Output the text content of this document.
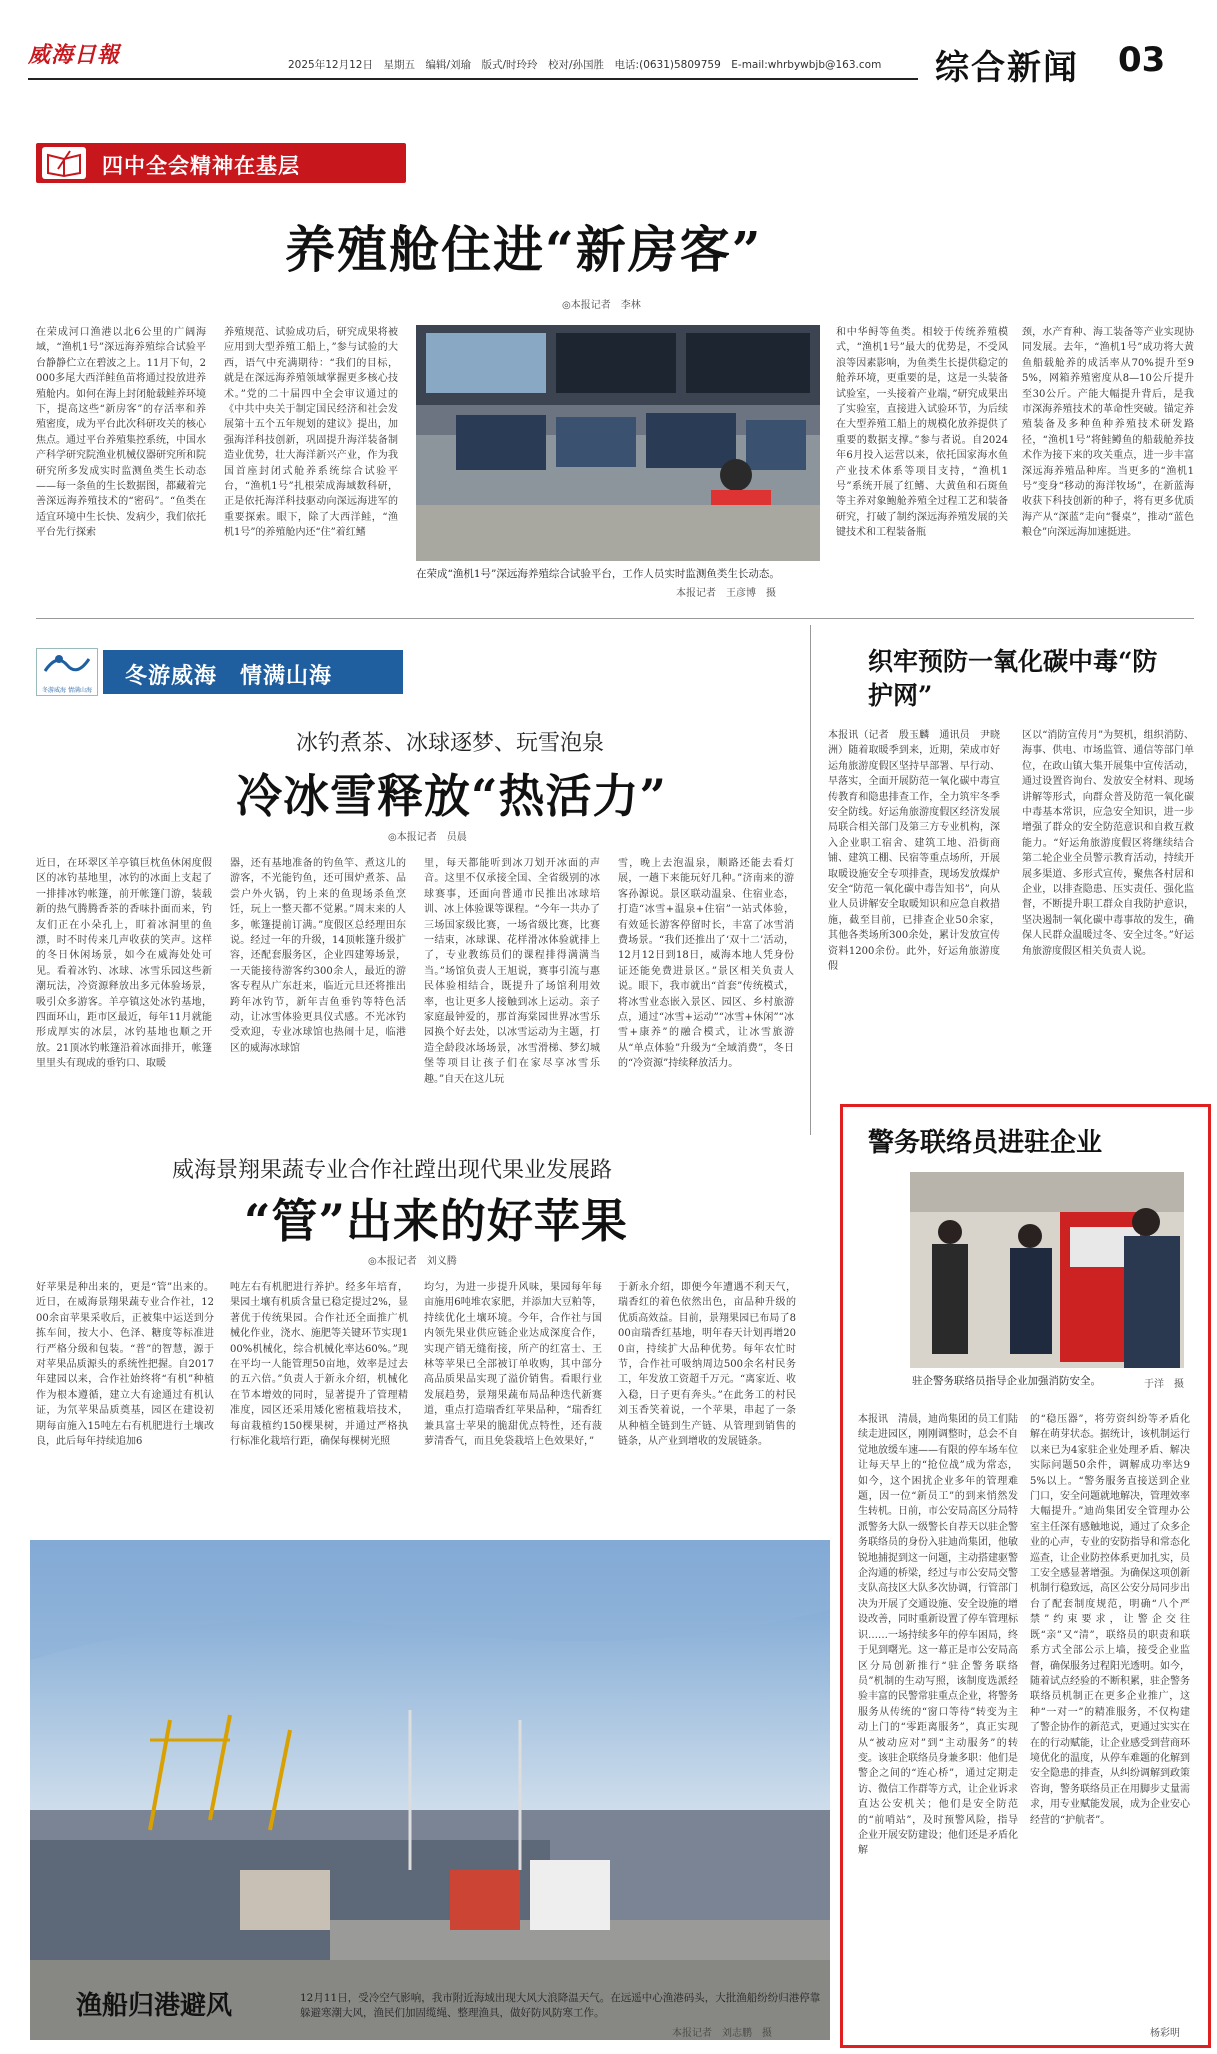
威海日報	2025年12月12日　星期五　编辑/刘瑜　版式/时玲玲　校对/孙国胜　电话:(0631)5809759　E-mail:whrbywbjb@163.com	综合新闻 03
四中全会精神在基层
养殖舱住进“新房客”
◎本报记者　李林
在荣成河口渔港以北6公里的广阔海域，“渔机1号”深远海养殖综合试验平台静静伫立在碧波之上。11月下旬，2000多尾大西洋鲑鱼苗将通过投放进养殖舱内。如何在海上封闭舱载鲑养环境下，提高这些“新房客”的存活率和养殖密度，成为平台此次科研攻关的核心焦点。通过平台养殖集控系统，中国水产科学研究院渔业机械仪器研究所和院研究所多发成实时监测鱼类生长动态——每一条鱼的生长数据图，都藏着完善深远海养殖技术的“密码”。“鱼类在适宜环境中生长快、发病少，我们依托平台先行探索
养殖规范、试验成功后，研究成果将被应用到大型养殖工船上，”参与试验的大西，语气中充满期待：“我们的目标，就是在深远海养殖领域掌握更多核心技术。”党的二十届四中全会审议通过的《中共中央关于制定国民经济和社会发展第十五个五年规划的建议》提出，加强海洋科技创新，巩固提升海洋装备制造业优势，壮大海洋新兴产业，作为我国首座封闭式舱养系统综合试验平台，“渔机1号”扎根荣成海域数科研，正是依托海洋科技驱动向深远海进军的重要探索。眼下，除了大西洋鲑，“渔机1号”的养殖舱内还“住”着红鳍
在荣成“渔机1号”深远海养殖综合试验平台，工作人员实时监测鱼类生长动态。
本报记者　王彦博　摄
和中华鲟等鱼类。相较于传统养殖模式，“渔机1号”最大的优势是，不受风浪等因素影响，为鱼类生长提供稳定的舱养环境，更重要的是，这是一头装备试验室，一头接着产业端，”研究成果出了实验室，直接进入试验环节，为后续在大型养殖工船上的规模化放养提供了重要的数据支撑。”参与者说。自2024年6月投入运营以来，依托国家海水鱼产业技术体系等项目支持，“渔机1号”系统开展了红鳍、大黄鱼和石斑鱼等主养对象鲍舱养殖全过程工艺和装备研究，打破了制约深远海养殖发展的关键技术和工程装备瓶
颈，水产育种、海工装备等产业实现协同发展。去年，“渔机1号”成功将大黄鱼船载舱养的成活率从70%提升至95%，网箱养殖密度从8—10公斤提升至30公斤。产能大幅提升背后，是我市深海养殖技术的革命性突破。锚定养殖装备及多种鱼种养殖技术研发路径，“渔机1号”将鲑鳟鱼的船载舱养技术作为接下来的攻关重点，进一步丰富深远海养殖品种库。当更多的“渔机1号”变身“移动的海洋牧场”，在新蓝海收获下科技创新的种子，将有更多优质海产从“深蓝”走向“餐桌”，推动“蓝色粮仓”向深远海加速挺进。
冬游威海 情满山海
冬游威海　情满山海
冰钓煮茶、冰球逐梦、玩雪泡泉
冷冰雪释放“热活力”
◎本报记者　员晨
近日，在环翠区羊亭镇巨枕鱼休闲度假区的冰钓基地里，冰钓的冰面上支起了一排排冰钓帐篷，前开帐篷门游，装载新的热气腾腾香茶的香味扑面而来，钓友们正在小朵孔上，盯着冰洞里的鱼漂，时不时传来几声收获的笑声。这样的冬日休闲场景，如今在威海处处可见。看着冰钓、冰球、冰雪乐园这些新潮玩法，冷资源释放出多元体验场景，吸引众多游客。羊亭镇这处冰钓基地，四面环山，距市区最近，每年11月就能形成厚实的冰层，冰钓基地也顺之开放。21顶冰钓帐篷沿着冰面排开，帐篷里里头有现成的垂钓口、取暖
器，还有基地准备的钓鱼竿、煮这儿的游客，不光能钓鱼，还可围炉煮茶、品尝户外火锅，钓上来的鱼现场杀鱼烹饪，玩上一整天都不觉累。”周末来的人多，帐篷提前订满。”度假区总经理田东说。经过一年的升级，14顶帐篷升级扩容，还配套服务区，企业四建筹场景，一天能接待游客约300余人，最近的游客专程从广东赶来，临近元旦还将推出跨年冰钓节，新年吉鱼垂钓等特色活动，让冰雪体验更具仪式感。不光冰钓受欢迎，专业冰球馆也热闹十足，临港区的威海冰球馆
里，每天都能听到冰刀划开冰面的声音。这里不仅承接全国、全省级别的冰球赛事，还面向普通市民推出冰球培训、冰上体验课等课程。“今年一共办了三场国家级比赛，一场省级比赛，比赛一结束，冰球课、花样滑冰体验就排上了，专业教练员们的课程排得满满当当。”场馆负责人王旭说，赛事引流与惠民体验相结合，既提升了场馆利用效率，也让更多人接触到冰上运动。亲子家庭最钟爱的，那首海棠园世界冰雪乐园换个好去处，以冰雪运动为主题，打造全龄段冰场场景，冰雪滑梯、梦幻城堡等项目让孩子们在家尽享冰雪乐趣。”自天在这儿玩
雪，晚上去泡温泉，顺路还能去看灯展，一趟下来能玩好几种。”济南来的游客孙源说。景区联动温泉、住宿业态，打造“冰雪+温泉+住宿”一站式体验，有效延长游客停留时长，丰富了冰雪消费场景。“我们还推出了‘双十二’活动，12月12日到18日，威海本地人凭身份证还能免费进景区。”景区相关负责人说。眼下，我市就出“首套”传统模式，将冰雪业态嵌入景区、园区、乡村旅游点，通过“冰雪+运动”“冰雪+休闲”“冰雪+康养”的融合模式，让冰雪旅游从“单点体验”升级为“全域消费”，冬日的“冷资源”持续释放活力。
织牢预防一氧化碳中毒“防护网”
本报讯（记者　殷玉麟　通讯员　尹晓洲）随着取暖季到来，近期，荣成市好运角旅游度假区坚持早部署、早行动、早落实，全面开展防范一氧化碳中毒宣传教育和隐患排查工作，全力筑牢冬季安全防线。好运角旅游度假区经济发展局联合相关部门及第三方专业机构，深入企业职工宿舍、建筑工地、沿街商铺、建筑工棚、民宿等重点场所，开展取暖设施安全专项排查，现场发放煤炉安全“防范一氧化碳中毒告知书”，向从业人员讲解安全取暖知识和应急自救措施，截至目前，已排查企业50余家，其他各类场所300余处，累计发放宣传资料1200余份。此外，好运角旅游度假
区以“消防宣传月”为契机，组织消防、海事、供电、市场监管、通信等部门单位，在政山镇大集开展集中宣传活动，通过设置咨询台、发放安全材料、现场讲解等形式，向群众普及防范一氧化碳中毒基本常识，应急安全知识，进一步增强了群众的安全防范意识和自救互救能力。“好运角旅游度假区将继续结合第二轮企业全员警示教育活动，持续开展多渠道、多形式宣传，聚焦各村居和企业，以排查隐患、压实责任、强化监督，不断提升职工群众自我防护意识，坚决遏制一氧化碳中毒事故的发生，确保人民群众温暖过冬、安全过冬。”好运角旅游度假区相关负责人说。
警务联络员进驻企业
驻企警务联络员指导企业加强消防安全。	于洋　摄
本报讯　清晨，迪尚集团的员工们陆续走进园区，刚刚调整时，总会不自觉地放缓车速——有限的停车场车位让每天早上的“抢位战”成为常态，如今，这个困扰企业多年的管理难题，因一位“新员工”的到来悄然发生转机。日前，市公安局高区分局特派警务大队一级警长自荐天以驻企警务联络员的身份入驻迪尚集团，他敏锐地捕捉到这一问题，主动搭建驱警企沟通的桥梁，经过与市公安局交警支队高技区大队多次协调，行管部门决为开展了交通设施、安全设施的增设改善，同时重新设置了停车管理标识……一场持续多年的停车困局，终于见到曙光。这一幕正是市公安局高区分局创新推行“驻企警务联络员”机制的生动写照，该制度选派经验丰富的民警常驻重点企业，将警务服务从传统的“窗口等待”转变为主动上门的“零距离服务”，真正实现从“被动应对”到“主动服务”的转变。该驻企联络员身兼多职：他们是警企之间的“连心桥”，通过定期走访、微信工作群等方式，让企业诉求直达公安机关；他们是安全防范的“前哨站”，及时预警风险，指导企业开展安防建设；他们还是矛盾化解
的“稳压器”，将劳资纠纷等矛盾化解在萌芽状态。据统计，该机制运行以来已为4家驻企业处理矛盾、解决实际问题50余件，调解成功率达95%以上。“警务服务直接送到企业门口，安全问题就地解决，管理效率大幅提升。”迪尚集团安全管理办公室主任深有感触地说，通过了众多企业的心声，专业的安防指导和常态化巡查，让企业防控体系更加扎实，员工安全感显著增强。为确保这项创新机制行稳致远，高区公安分局同步出台了配套制度规范，明确“八个严禁”约束要求，让警企交往既“亲”又“清”，联络员的职责和联系方式全部公示上墙，接受企业监督，确保服务过程阳光透明。如今，随着试点经验的不断积累，驻企警务联络员机制正在更多企业推广，这种“一对一”的精准服务，不仅构建了警企协作的新范式，更通过实实在在的行动赋能，让企业感受到营商环境优化的温度，从停车难题的化解到安全隐患的排查，从纠纷调解到政策咨询，警务联络员正在用脚步丈量需求，用专业赋能发展，成为企业安心经营的“护航者”。
杨彩明
威海景翔果蔬专业合作社蹚出现代果业发展路
“管”出来的好苹果
◎本报记者　刘义腾
好苹果是种出来的，更是“管”出来的。近日，在威海景翔果蔬专业合作社，1200余亩苹果采收后，正被集中运送到分拣车间，按大小、色泽、糖度等标准进行严格分级和包装。“普”的智慧，源于对苹果品质源头的系统性把握。自2017年建园以来，合作社始终将“有机”种植作为根本遵循，建立大有途通过有机认证，为氘苹果品质奠基，园区在建设初期每亩施入15吨左右有机肥进行土壤改良，此后每年持续追加6
吨左右有机肥进行养护。经多年培育，果园土壤有机质含量已稳定提过2%，显著优于传统果园。合作社还全面推广机械化作业，浇水、施肥等关键环节实现100%机械化，综合机械化率达60%。”现在平均一人能管理50亩地，效率是过去的五六倍。”负责人于新永介绍，机械化在节本增效的同时，显著提升了管理精准度，园区还采用矮化密植栽培技术，每亩栽植约150棵果树，并通过严格执行标准化栽培行距，确保每棵树光照
均匀，为进一步提升风味，果园每年每亩施用6吨堆农家肥，并添加大豆粕等，持续优化土壤环境。今年，合作社与国内领先果业供应链企业达成深度合作，实现产销无缝衔接，所产的红富士、王林等苹果已全部被订单收购，其中部分高品质果品实现了溢价销售。看眼行业发展趋势，景翔果蔬布局品种迭代新赛道，重点打造瑞香红苹果品种，“瑞香红兼具富士苹果的脆甜优点特性，还有菠萝清香气，而且免袋栽培上色效果好，”
于新永介绍，即便今年遭遇不利天气，瑞香红的着色依然出色，亩品种升级的优质高效益。目前，景翔果园已布局了800亩瑞香红基地，明年春天计划再增200亩，持续扩大品种优势。每年农忙时节，合作社可吸纳周边500余名村民务工，年发放工资超千万元。“离家近、收入稳，日子更有奔头。”在此务工的村民刘玉香笑着说，一个苹果，串起了一条从种植全链到生产链、从管理到销售的链条，从产业到增收的发展链条。
渔船归港避风	12月11日，受冷空气影响，我市附近海域出现大风大浪降温天气。在远遥中心渔港码头，大批渔船纷纷归港停靠躲避寒潮大风，渔民们加固缆绳、整理渔具，做好防风防寒工作。
本报记者　刘志鹏　摄
